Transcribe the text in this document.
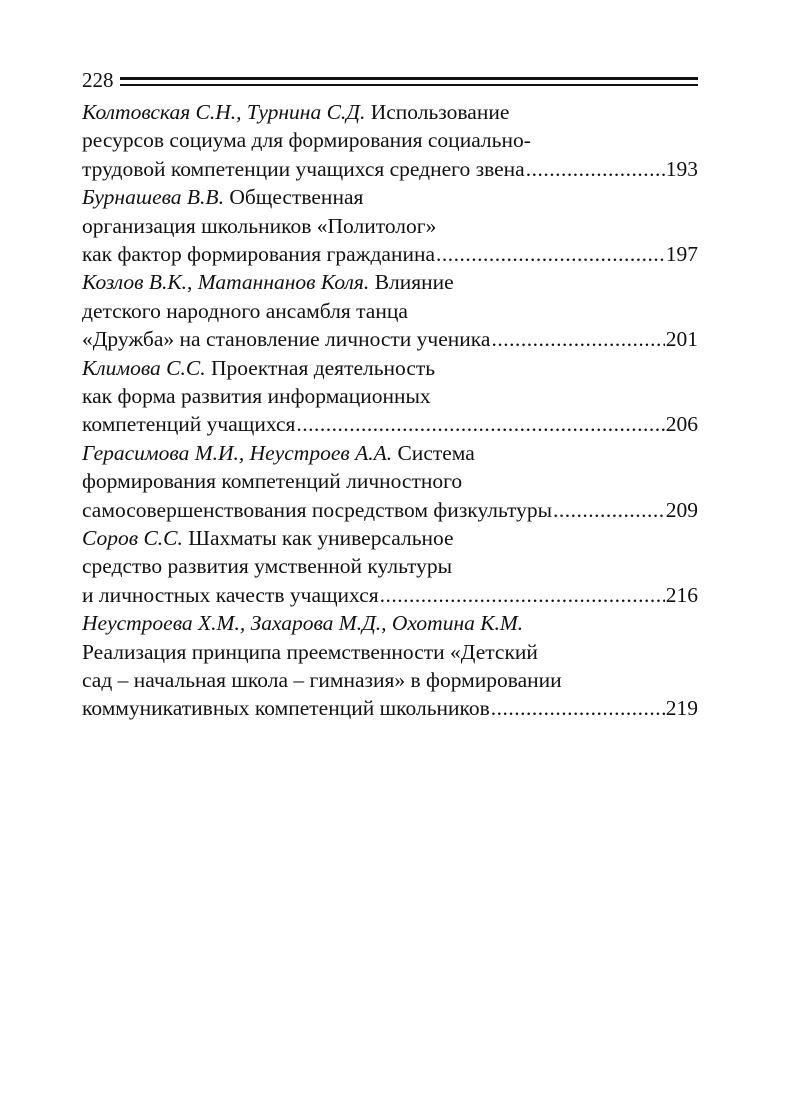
228
Колтовская С.Н., Турнина С.Д. Использование
ресурсов социума для формирования социально-
трудовой компетенции учащихся среднего звена .....	193
Бурнашева В.В. Общественная
организация школьников «Политолог»
как фактор формирования гражданина .....	197
Козлов В.К., Матаннанов Коля. Влияние
детского народного ансамбля танца
«Дружба» на становление личности ученика .....	201
Климова С.С. Проектная деятельность
как форма развития информационных
компетенций учащихся .....	206
Герасимова М.И., Неустроев А.А. Система
формирования компетенций личностного
самосовершенствования посредством физкультуры .....	209
Соров С.С. Шахматы как универсальное
средство развития умственной культуры
и личностных качеств учащихся .....	216
Неустроева Х.М., Захарова М.Д., Охотина К.М.
Реализация принципа преемственности «Детский
сад – начальная школа – гимназия» в формировании
коммуникативных компетенций школьников .....	219
